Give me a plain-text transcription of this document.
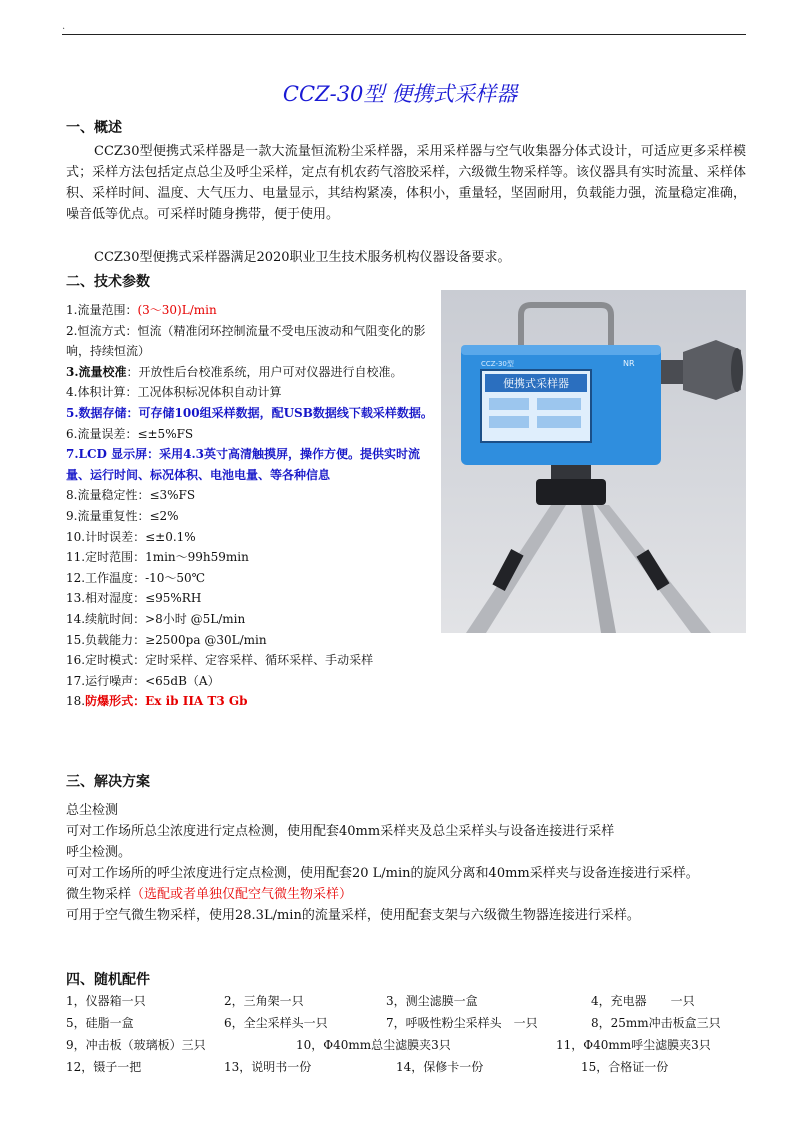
.
CCZ-30型 便携式采样器
一、概述
CCZ30型便携式采样器是一款大流量恒流粉尘采样器，采用采样器与空气收集器分体式设计，可适应更多采样模式；采样方法包括定点总尘及呼尘采样，定点有机农药气溶胶采样，六级微生物采样等。该仪器具有实时流量、采样体积、采样时间、温度、大气压力、电量显示，其结构紧凑，体积小，重量轻，坚固耐用，负载能力强，流量稳定准确，噪音低等优点。可采样时随身携带，便于使用。
CCZ30型便携式采样器满足2020职业卫生技术服务机构仪器设备要求。
二、技术参数
1.流量范围：(3～30)L/min
2.恒流方式：恒流（精准闭环控制流量不受电压波动和气阻变化的影响，持续恒流）
3.流量校准：开放性后台校准系统，用户可对仪器进行自校准。
4.体积计算：工况体积标况体积自动计算
5.数据存储：可存储100组采样数据，配USB数据线下载采样数据。
6.流量误差：≤±5%FS
7.LCD 显示屏：采用4.3英寸高清触摸屏，操作方便。提供实时流量、运行时间、标况体积、电池电量、等各种信息
8.流量稳定性：≤3%FS
9.流量重复性：≤2%
10.计时误差：≤±0.1%
11.定时范围：1min～99h59min
12.工作温度：-10～50℃
13.相对湿度：≤95%RH
14.续航时间：>8小时 @5L/min
15.负载能力：≥2500pa @30L/min
16.定时模式：定时采样、定容采样、循环采样、手动采样
17.运行噪声：<65dB（A）
18.防爆形式：Ex ib IIA T3 Gb
便携式采样器
CCZ-30型	NR
三、解决方案

总尘检测

可对工作场所总尘浓度进行定点检测，使用配套40mm采样夹及总尘采样头与设备连接进行采样

呼尘检测。

可对工作场所的呼尘浓度进行定点检测，使用配套20 L/min的旋风分离和40mm采样夹与设备连接进行采样。

微生物采样（选配或者单独仅配空气微生物采样）

可用于空气微生物采样，使用28.3L/min的流量采样，使用配套支架与六级微生物器连接进行采样。

四、随机配件
1，仪器箱一只	2，三角架一只	3，测尘滤膜一盒	4，充电器　　一只
5，硅脂一盒	6，全尘采样头一只	7，呼吸性粉尘采样头　一只	8，25mm冲击板盒三只
9，冲击板（玻璃板）三只	10，Φ40mm总尘滤膜夹3只	11，Φ40mm呼尘滤膜夹3只
12，镊子一把	13，说明书一份	14，保修卡一份	15，合格证一份
